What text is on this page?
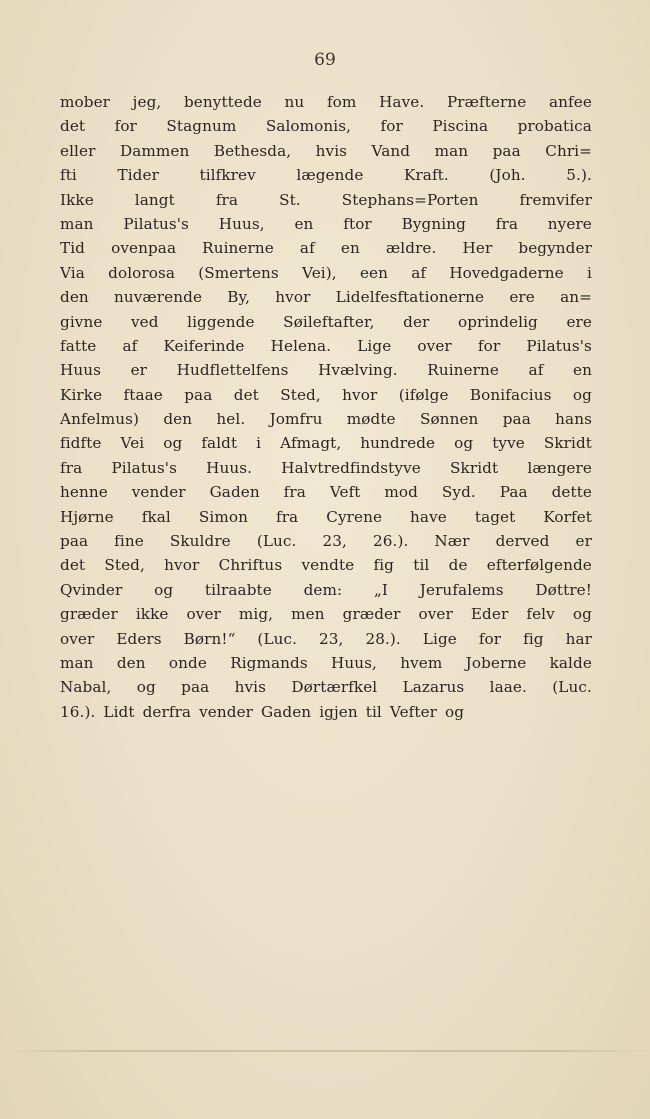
69
mober jeg, benyttede nu fom Have. Præfterne anfee
det for Stagnum Salomonis, for Piscina probatica
eller Dammen Bethesda, hvis Vand man paa Chri=
fti	Tider	tilfkrev	lægende	Kraft.	(Joh.	5.).
Ikke	langt	fra	St.	Stephans=Porten	fremvifer
man Pilatus's Huus, en ftor Bygning fra nyere
Tid ovenpaa Ruinerne af en ældre. Her begynder
Via dolorosa (Smertens Vei), een af Hovedgaderne i
den nuværende By, hvor Lidelfesftationerne ere an=
givne ved liggende Søileftafter, der oprindelig ere
fatte af Keiferinde Helena. Lige over for Pilatus's
Huus er Hudflettelfens Hvælving. Ruinerne af en
Kirke ftaae paa det Sted, hvor (ifølge Bonifacius og
Anfelmus) den hel. Jomfru mødte Sønnen paa hans
fidfte Vei og faldt i Afmagt, hundrede og tyve Skridt
fra Pilatus's Huus. Halvtredfindstyve Skridt længere
henne vender Gaden fra Veft mod Syd. Paa dette
Hjørne fkal Simon fra Cyrene have taget Korfet
paa fine Skuldre (Luc. 23, 26.). Nær derved er
det Sted, hvor Chriftus vendte fig til de efterfølgende
Qvinder og tilraabte dem: „I Jerufalems Døttre!
græder ikke over mig, men græder over Eder felv og
over Eders Børn!“ (Luc. 23, 28.). Lige for fig har
man den onde Rigmands Huus, hvem Joberne kalde
Nabal, og paa hvis Dørtærfkel Lazarus laae. (Luc.
16.). Lidt derfra vender Gaden igjen til Vefter og
